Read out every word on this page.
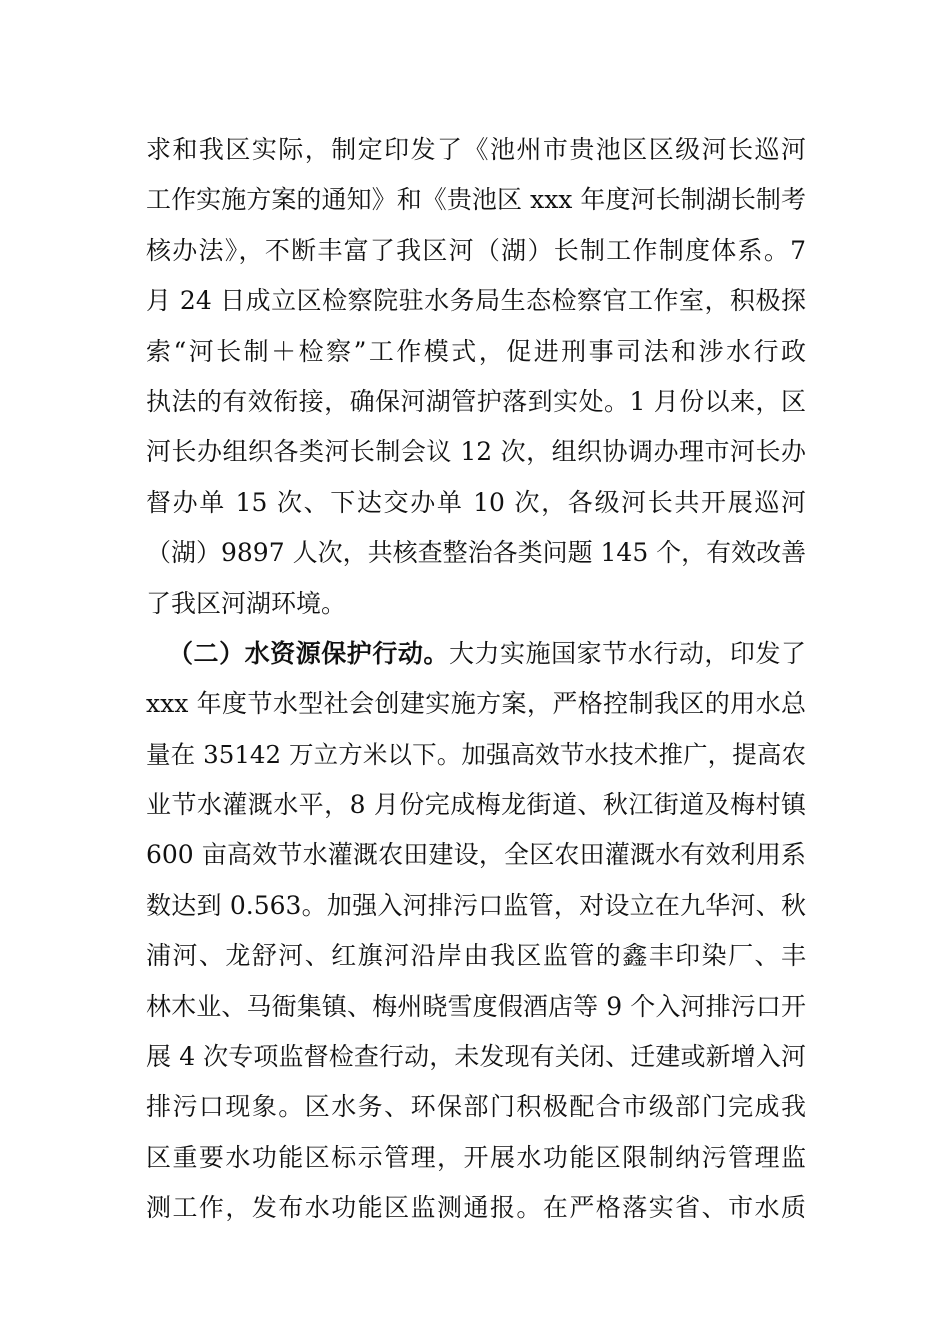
求和我区实际，制定印发了《池州市贵池区区级河长巡河
工作实施方案的通知》和《贵池区 xxx 年度河长制湖长制考
核办法》，不断丰富了我区河（湖）长制工作制度体系。7
月 24 日成立区检察院驻水务局生态检察官工作室，积极探
索“河长制＋检察”工作模式，促进刑事司法和涉水行政
执法的有效衔接，确保河湖管护落到实处。1 月份以来，区
河长办组织各类河长制会议 12 次，组织协调办理市河长办
督办单 15 次、下达交办单 10 次，各级河长共开展巡河
（湖）9897 人次，共核查整治各类问题 145 个，有效改善
了我区河湖环境。
（二）水资源保护行动。大力实施国家节水行动，印发了
xxx 年度节水型社会创建实施方案，严格控制我区的用水总
量在 35142 万立方米以下。加强高效节水技术推广，提高农
业节水灌溉水平，8 月份完成梅龙街道、秋江街道及梅村镇
600 亩高效节水灌溉农田建设，全区农田灌溉水有效利用系
数达到 0.563。加强入河排污口监管，对设立在九华河、秋
浦河、龙舒河、红旗河沿岸由我区监管的鑫丰印染厂、丰
林木业、马衙集镇、梅州晓雪度假酒店等 9 个入河排污口开
展 4 次专项监督检查行动，未发现有关闭、迁建或新增入河
排污口现象。区水务、环保部门积极配合市级部门完成我
区重要水功能区标示管理，开展水功能区限制纳污管理监
测工作，发布水功能区监测通报。在严格落实省、市水质
